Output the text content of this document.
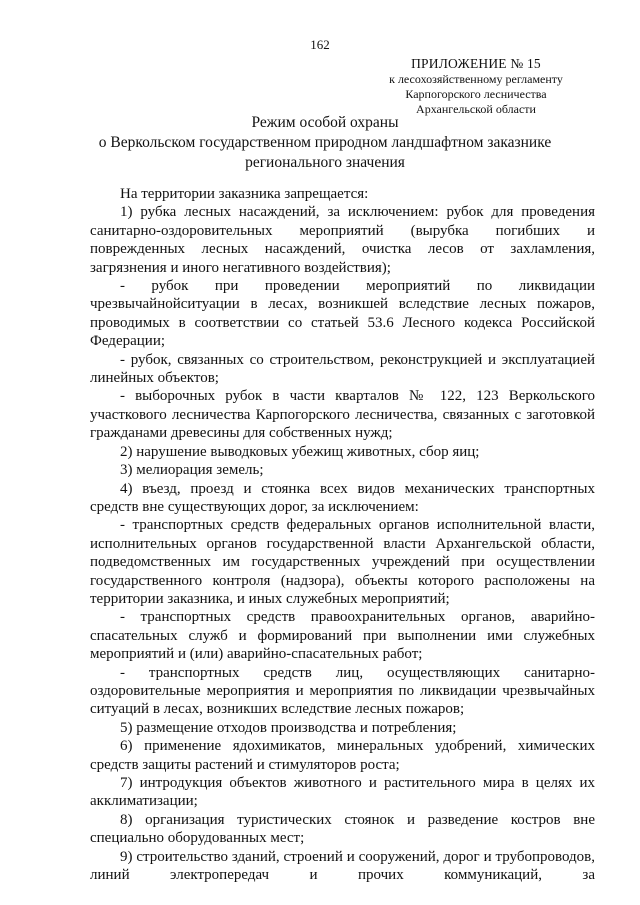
162
ПРИЛОЖЕНИЕ № 15
к лесохозяйственному регламенту
Карпогорского лесничества
Архангельской области
Режим особой охраны
о Веркольском государственном природном ландшафтном заказнике
регионального значения

На территории заказника запрещается:

1) рубка лесных насаждений, за исключением: рубок для проведения санитарно-оздоровительных мероприятий (вырубка погибших и поврежденных лесных насаждений, очистка лесов от захламления, загрязнения и иного негативного воздействия);

- рубок при проведении мероприятий по ликвидации чрезвычайнойситуации в лесах, возникшей вследствие лесных пожаров, проводимых в соответствии со статьей 53.6 Лесного кодекса Российской Федерации;

- рубок, связанных со строительством, реконструкцией и эксплуатацией линейных объектов;

- выборочных рубок в части кварталов № 122, 123 Веркольского участкового лесничества Карпогорского лесничества, связанных с заготовкой гражданами древесины для собственных нужд;

2) нарушение выводковых убежищ животных, сбор яиц;

3) мелиорация земель;

4) въезд, проезд и стоянка всех видов механических транспортных средств вне существующих дорог, за исключением:

- транспортных средств федеральных органов исполнительной власти, исполнительных органов государственной власти Архангельской области, подведомственных им государственных учреждений при осуществлении государственного контроля (надзора), объекты которого расположены на территории заказника, и иных служебных мероприятий;

- транспортных средств правоохранительных органов, аварийно-спасательных служб и формирований при выполнении ими служебных мероприятий и (или) аварийно-спасательных работ;

- транспортных средств лиц, осуществляющих санитарно-оздоровительные мероприятия и мероприятия по ликвидации чрезвычайных ситуаций в лесах, возникших вследствие лесных пожаров;

5) размещение отходов производства и потребления;

6) применение ядохимикатов, минеральных удобрений, химических средств защиты растений и стимуляторов роста;

7) интродукция объектов животного и растительного мира в целях их акклиматизации;

8) организация туристических стоянок и разведение костров вне специально оборудованных мест;

9) строительство зданий, строений и сооружений, дорог и трубопроводов, линий электропередач и прочих коммуникаций, за
